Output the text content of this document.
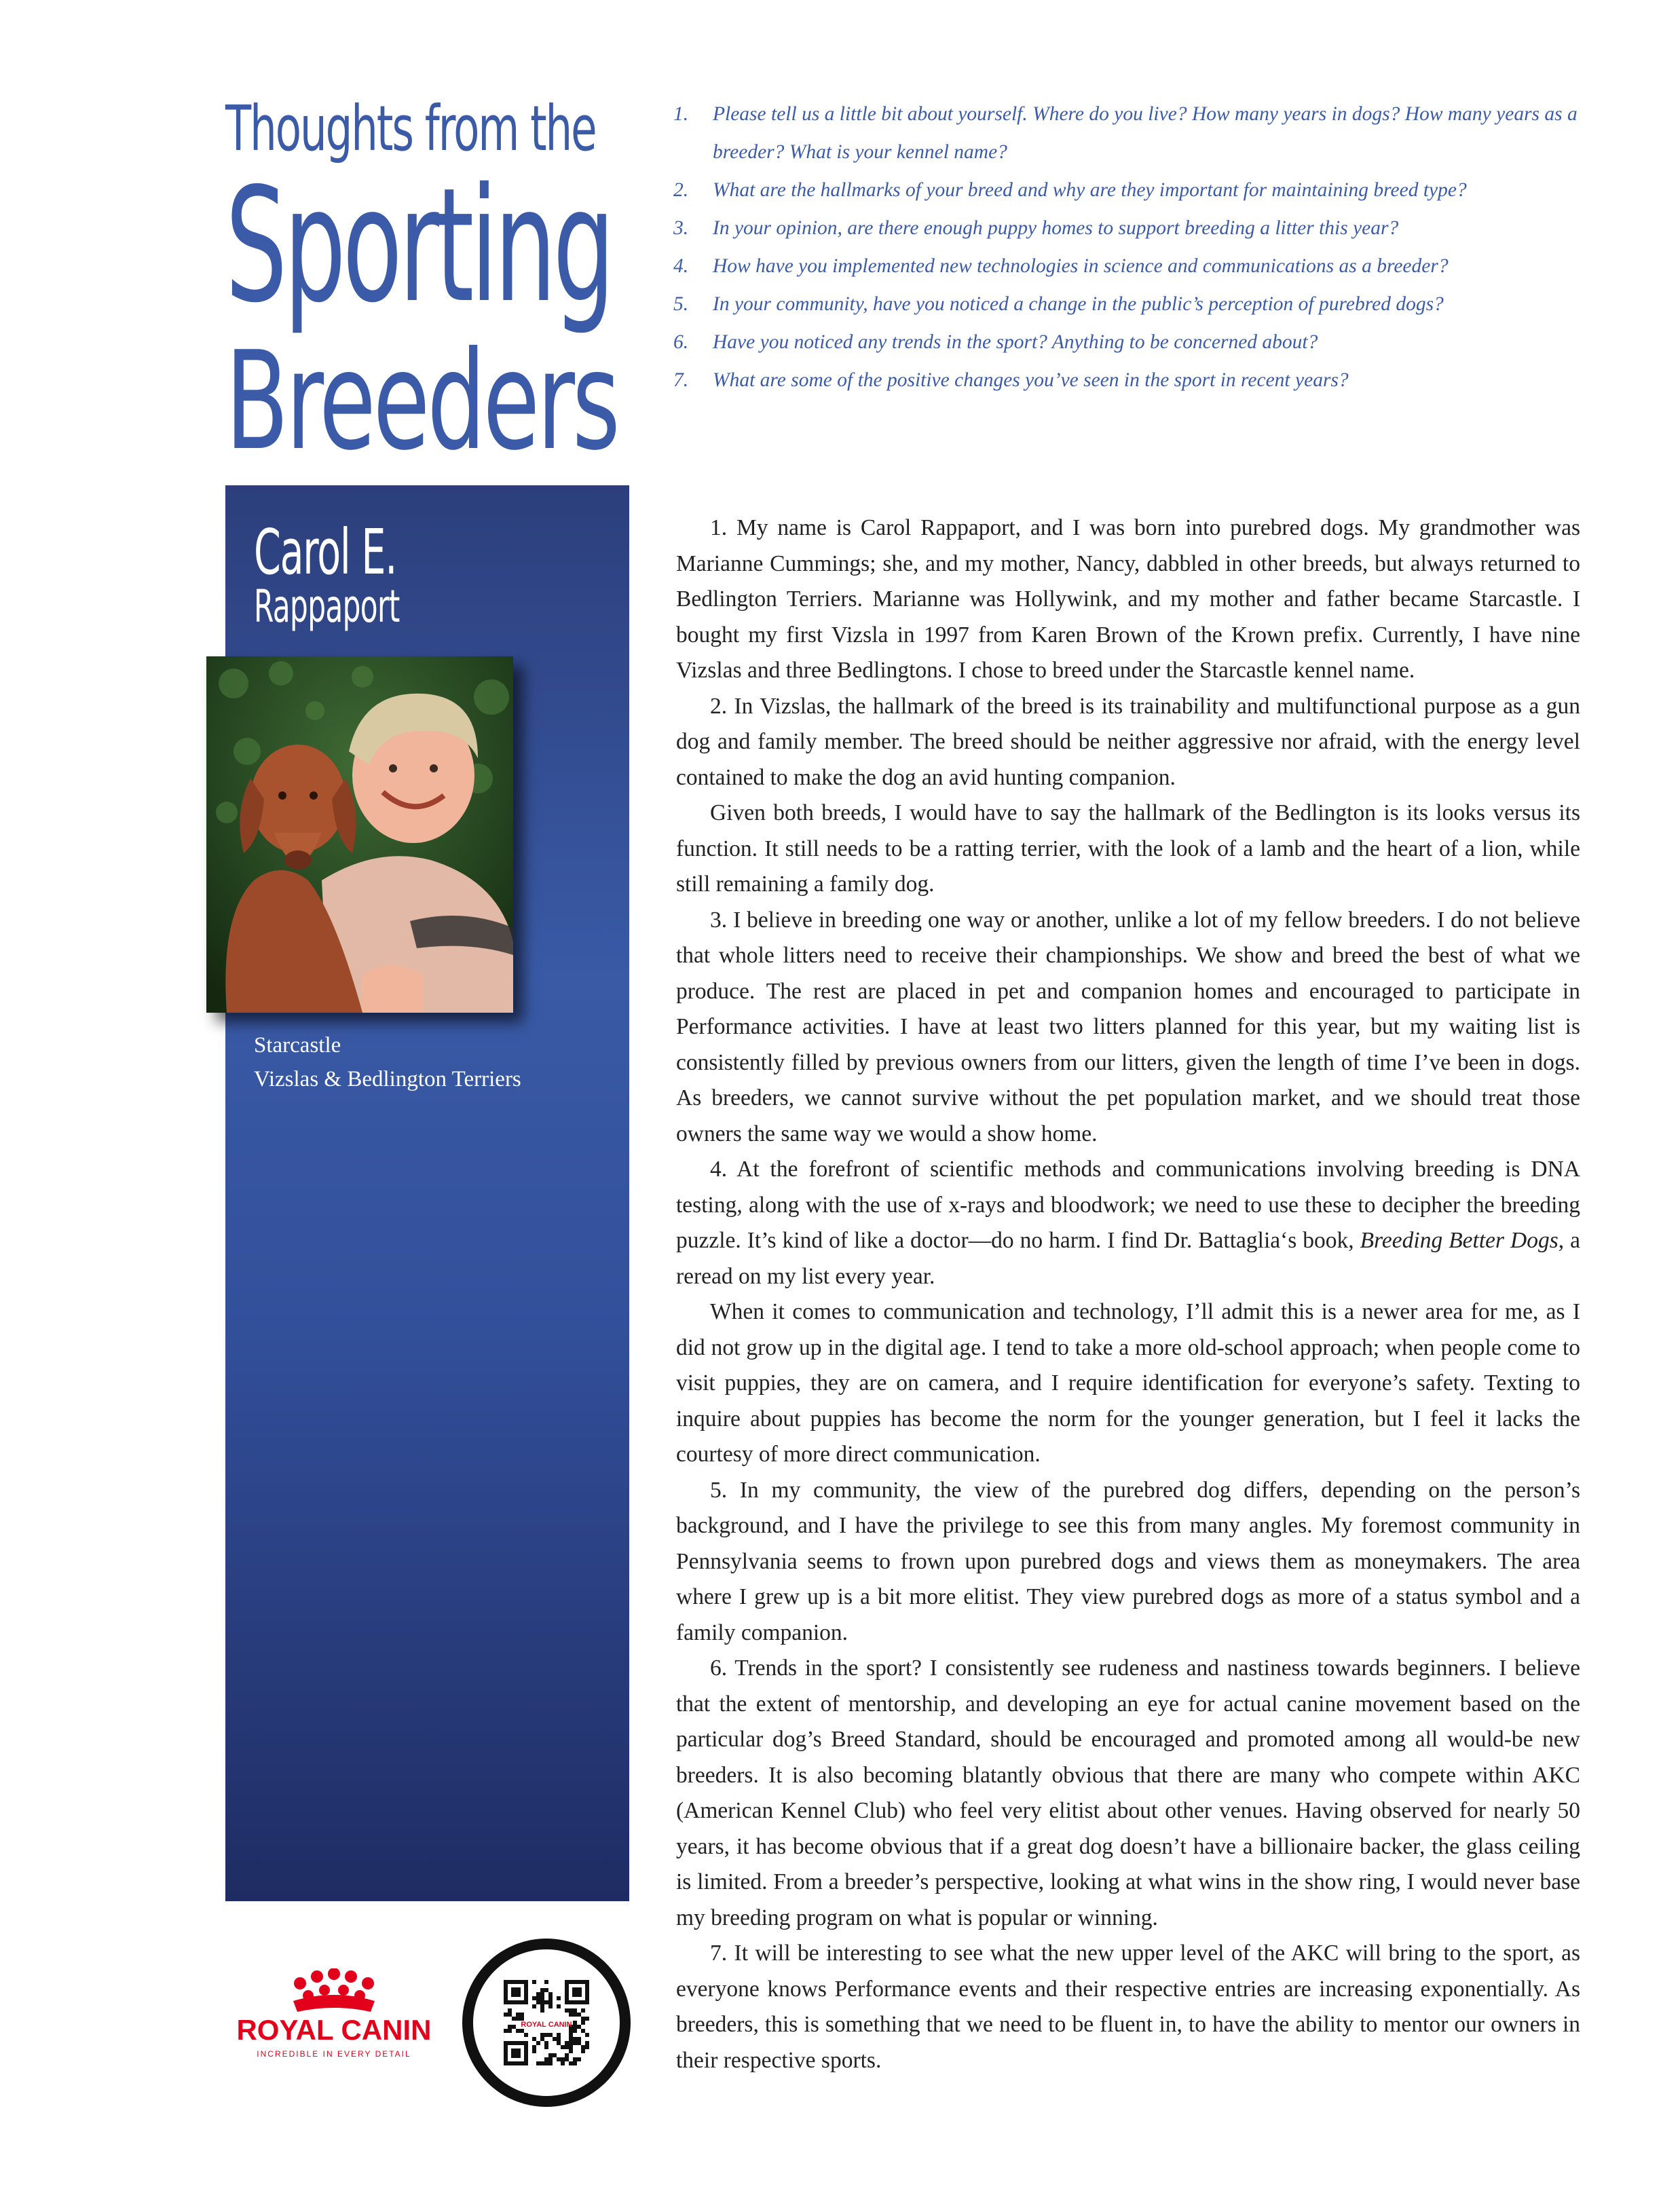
Thoughts from the
Sporting
Breeders
1.	Please tell us a little bit about yourself. Where do you live? How many years in dogs? How many years as a breeder? What is your kennel name?
2.	What are the hallmarks of your breed and why are they important for maintaining breed type?
3.	In your opinion, are there enough puppy homes to support breeding a litter this year?
4.	How have you implemented new technologies in science and communications as a breeder?
5.	In your community, have you noticed a change in the public’s perception of purebred dogs?
6.	Have you noticed any trends in the sport? Anything to be concerned about?
7.	What are some of the positive changes you’ve seen in the sport in recent years?
Carol E.
Rappaport
Starcastle
Vizslas & Bedlington Terriers

1. My name is Carol Rappaport, and I was born into purebred dogs. My grandmother was Marianne Cummings; she, and my mother, Nancy, dabbled in other breeds, but always returned to Bedlington Terriers. Marianne was Hollywink, and my mother and father became Starcastle. I bought my first Vizsla in 1997 from Karen Brown of the Krown prefix. Currently, I have nine Vizslas and three Bedlingtons. I chose to breed under the Starcastle kennel name.

2. In Vizslas, the hallmark of the breed is its trainability and multifunctional purpose as a gun dog and family member. The breed should be neither aggressive nor afraid, with the energy level contained to make the dog an avid hunting companion.

Given both breeds, I would have to say the hallmark of the Bedlington is its looks versus its function. It still needs to be a ratting terrier, with the look of a lamb and the heart of a lion, while still remaining a family dog.

3. I believe in breeding one way or another, unlike a lot of my fellow breeders. I do not believe that whole litters need to receive their championships. We show and breed the best of what we produce. The rest are placed in pet and companion homes and encouraged to participate in Performance activities. I have at least two litters planned for this year, but my waiting list is consistently filled by previous owners from our litters, given the length of time I’ve been in dogs. As breeders, we cannot survive without the pet population market, and we should treat those owners the same way we would a show home.

4. At the forefront of scientific methods and communications involving breeding is DNA testing, along with the use of x-rays and bloodwork; we need to use these to decipher the breeding puzzle. It’s kind of like a doctor—do no harm. I find Dr. Battaglia‘s book, Breeding Better Dogs, a reread on my list every year.

When it comes to communication and technology, I’ll admit this is a newer area for me, as I did not grow up in the digital age. I tend to take a more old-school approach; when people come to visit puppies, they are on camera, and I require identification for everyone’s safety. Texting to inquire about puppies has become the norm for the younger generation, but I feel it lacks the courtesy of more direct communication.

5. In my community, the view of the purebred dog differs, depending on the person’s background, and I have the privilege to see this from many angles. My foremost community in Pennsylvania seems to frown upon purebred dogs and views them as moneymakers. The area where I grew up is a bit more elitist. They view purebred dogs as more of a status symbol and a family companion.

6. Trends in the sport? I consistently see rudeness and nastiness towards beginners. I believe that the extent of mentorship, and developing an eye for actual canine movement based on the particular dog’s Breed Standard, should be encouraged and promoted among all would-be new breeders. It is also becoming blatantly obvious that there are many who compete within AKC (American Kennel Club) who feel very elitist about other venues. Having observed for nearly 50 years, it has become obvious that if a great dog doesn’t have a billionaire backer, the glass ceiling is limited. From a breeder’s perspective, looking at what wins in the show ring, I would never base my breeding program on what is popular or winning.

7. It will be interesting to see what the new upper level of the AKC will bring to the sport, as everyone knows Performance events and their respective entries are increasing exponentially. As breeders, this is something that we need to be fluent in, to have the ability to mentor our owners in their respective sports.

ROYAL CANIN
INCREDIBLE IN EVERY DETAIL
ROYAL CANIN
